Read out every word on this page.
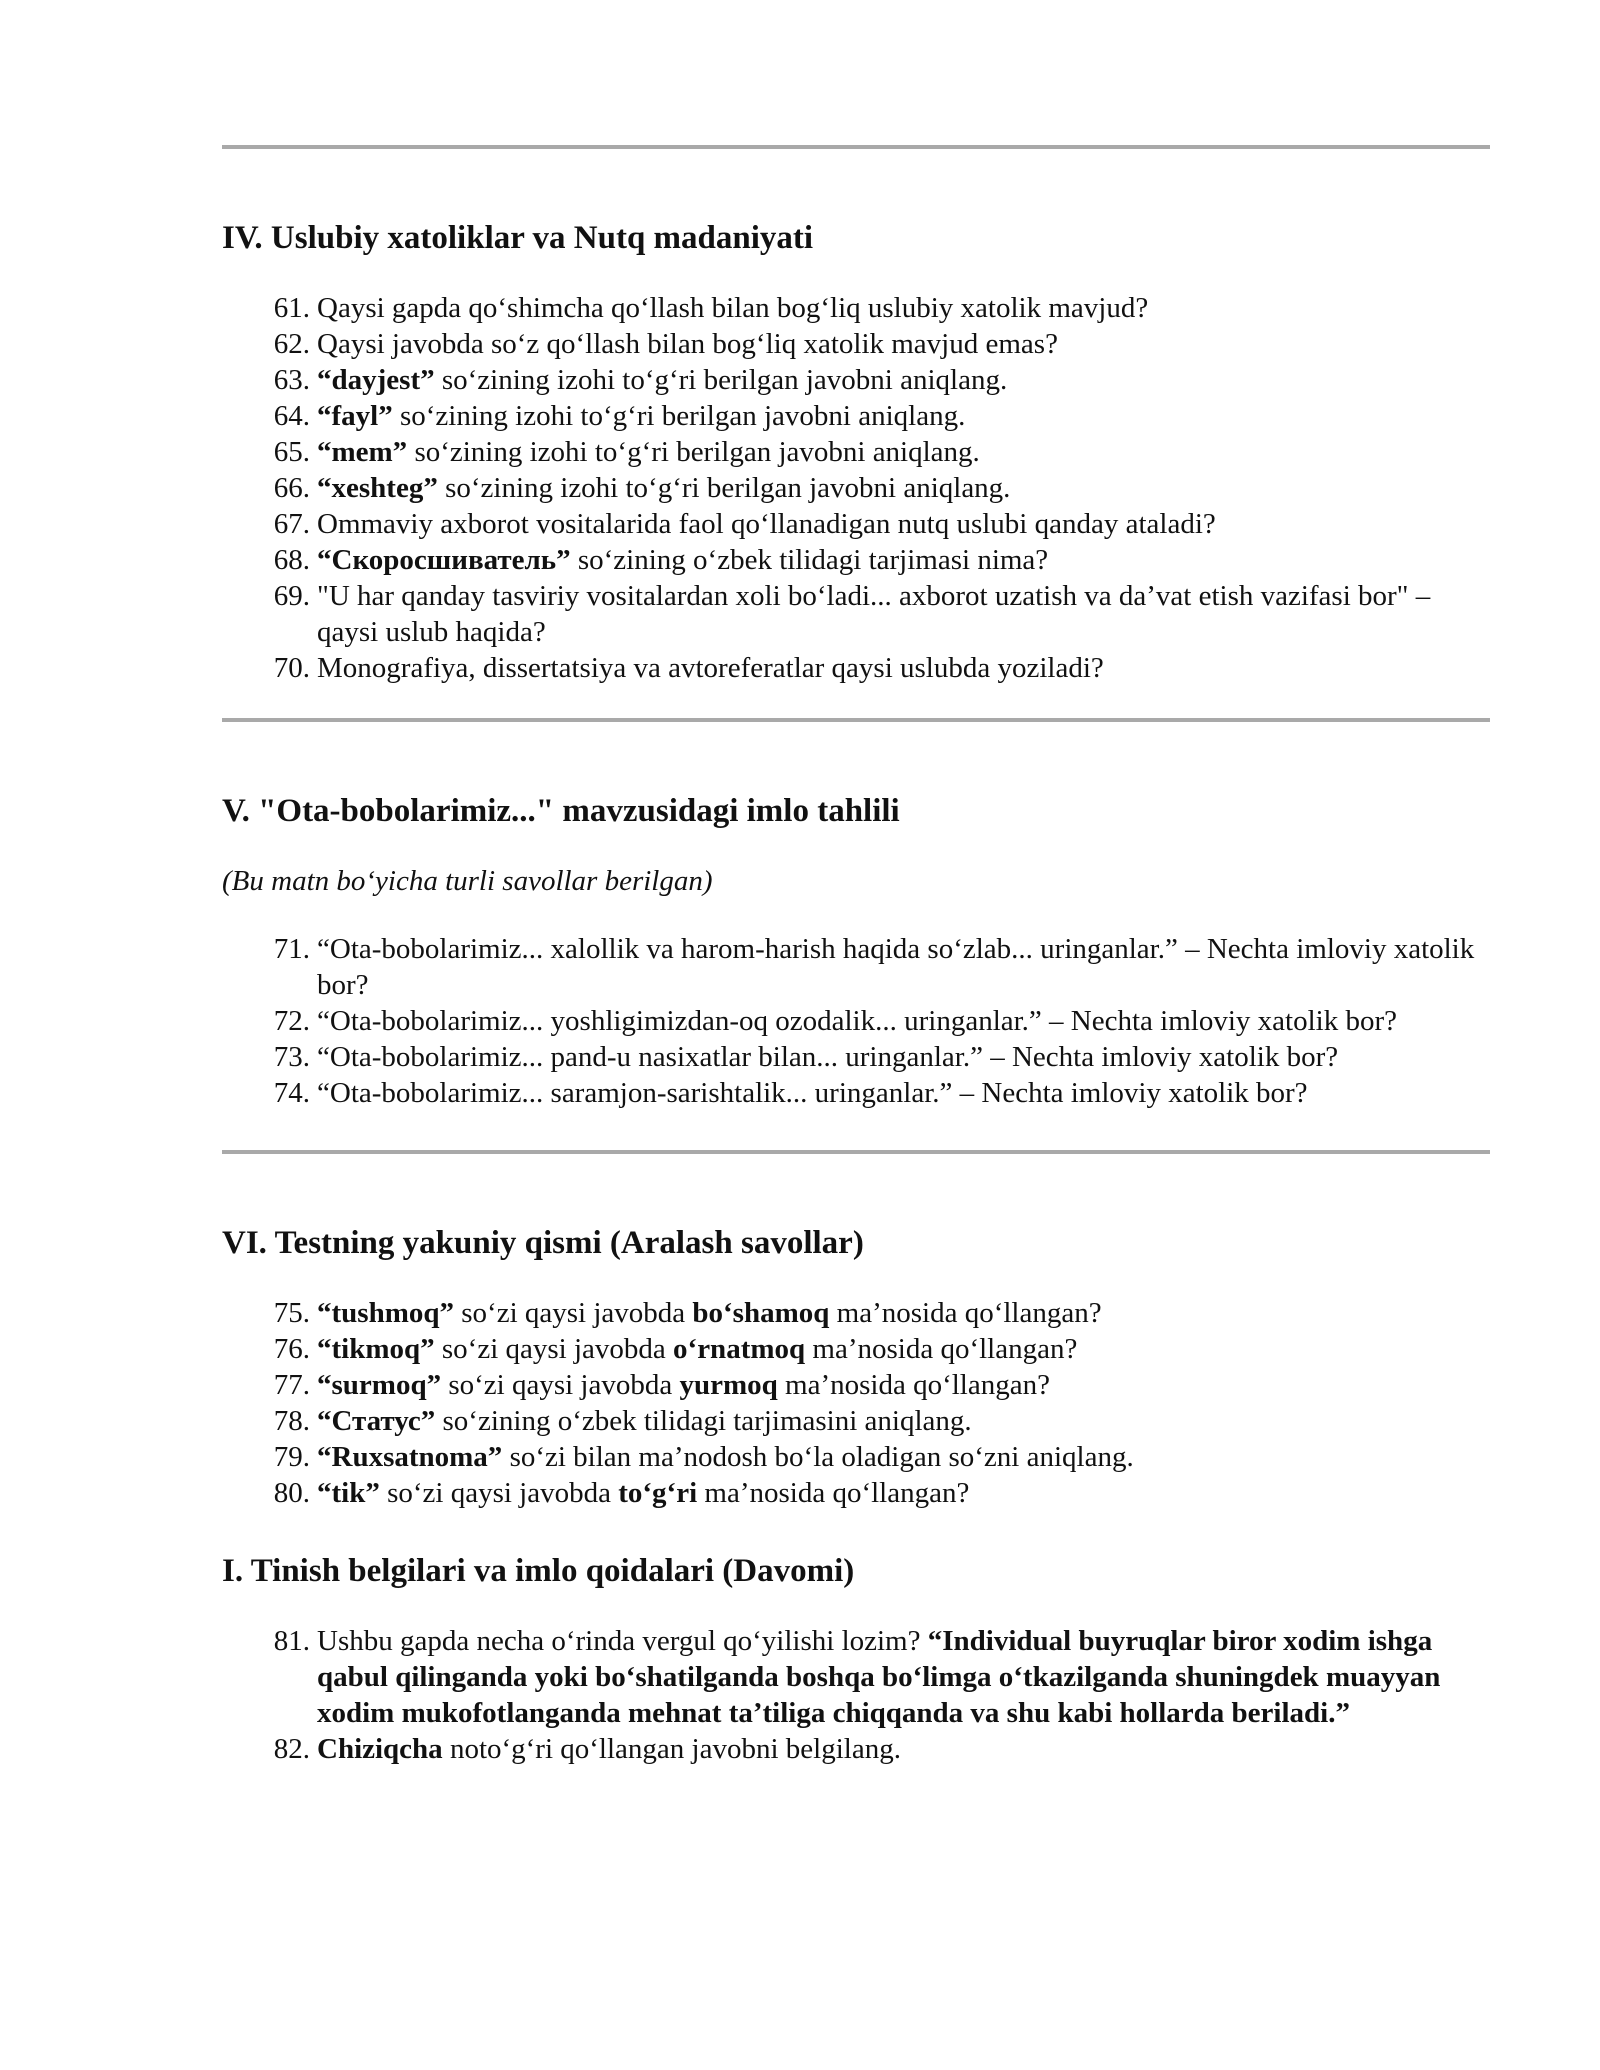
IV. Uslubiy xatoliklar va Nutq madaniyati
61. Qaysi gapda qo‘shimcha qo‘llash bilan bog‘liq uslubiy xatolik mavjud?
62. Qaysi javobda so‘z qo‘llash bilan bog‘liq xatolik mavjud emas?
63. “dayjest” so‘zining izohi to‘g‘ri berilgan javobni aniqlang.
64. “fayl” so‘zining izohi to‘g‘ri berilgan javobni aniqlang.
65. “mem” so‘zining izohi to‘g‘ri berilgan javobni aniqlang.
66. “xeshteg” so‘zining izohi to‘g‘ri berilgan javobni aniqlang.
67. Ommaviy axborot vositalarida faol qo‘llanadigan nutq uslubi qanday ataladi?
68. “Скоросшиватель” so‘zining o‘zbek tilidagi tarjimasi nima?
69. "U har qanday tasviriy vositalardan xoli bo‘ladi... axborot uzatish va da’vat etish vazifasi bor" – qaysi uslub haqida?
70. Monografiya, dissertatsiya va avtoreferatlar qaysi uslubda yoziladi?
V. "Ota-bobolarimiz..." mavzusidagi imlo tahlili

(Bu matn bo‘yicha turli savollar berilgan)

71. “Ota-bobolarimiz... xalollik va harom-harish haqida so‘zlab... uringanlar.” – Nechta imloviy xatolik bor?
72. “Ota-bobolarimiz... yoshligimizdan-oq ozodalik... uringanlar.” – Nechta imloviy xatolik bor?
73. “Ota-bobolarimiz... pand-u nasixatlar bilan... uringanlar.” – Nechta imloviy xatolik bor?
74. “Ota-bobolarimiz... saramjon-sarishtalik... uringanlar.” – Nechta imloviy xatolik bor?
VI. Testning yakuniy qismi (Aralash savollar)
75. “tushmoq” so‘zi qaysi javobda bo‘shamoq ma’nosida qo‘llangan?
76. “tikmoq” so‘zi qaysi javobda o‘rnatmoq ma’nosida qo‘llangan?
77. “surmoq” so‘zi qaysi javobda yurmoq ma’nosida qo‘llangan?
78. “Статус” so‘zining o‘zbek tilidagi tarjimasini aniqlang.
79. “Ruxsatnoma” so‘zi bilan ma’nodosh bo‘la oladigan so‘zni aniqlang.
80. “tik” so‘zi qaysi javobda to‘g‘ri ma’nosida qo‘llangan?
I. Tinish belgilari va imlo qoidalari (Davomi)
81. Ushbu gapda necha o‘rinda vergul qo‘yilishi lozim? “Individual buyruqlar biror xodim ishga qabul qilinganda yoki bo‘shatilganda boshqa bo‘limga o‘tkazilganda shuningdek muayyan xodim mukofotlanganda mehnat ta’tiliga chiqqanda va shu kabi hollarda beriladi.”
82. Chiziqcha noto‘g‘ri qo‘llangan javobni belgilang.
